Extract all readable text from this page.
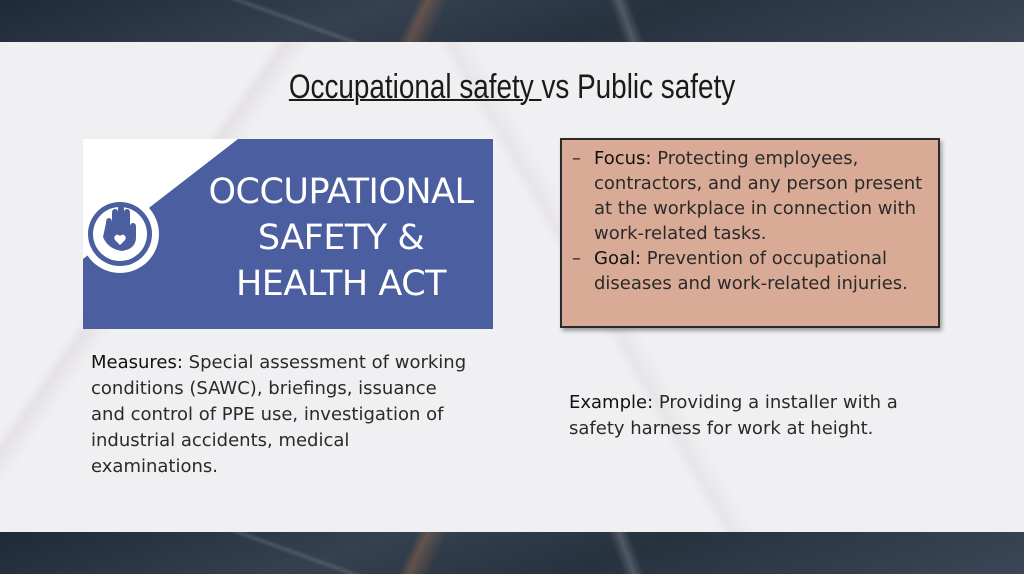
Occupational safety vs Public safety
OCCUPATIONAL
SAFETY &
HEALTH ACT
– Focus: Protecting employees, contractors, and any person present at the workplace in connection with work-related tasks.
– Goal: Prevention of occupational diseases and work-related injuries.
Measures: Special assessment of working conditions (SAWC), briefings, issuance and control of PPE use, investigation of industrial accidents, medical examinations.
Example: Providing a installer with a safety harness for work at height.
